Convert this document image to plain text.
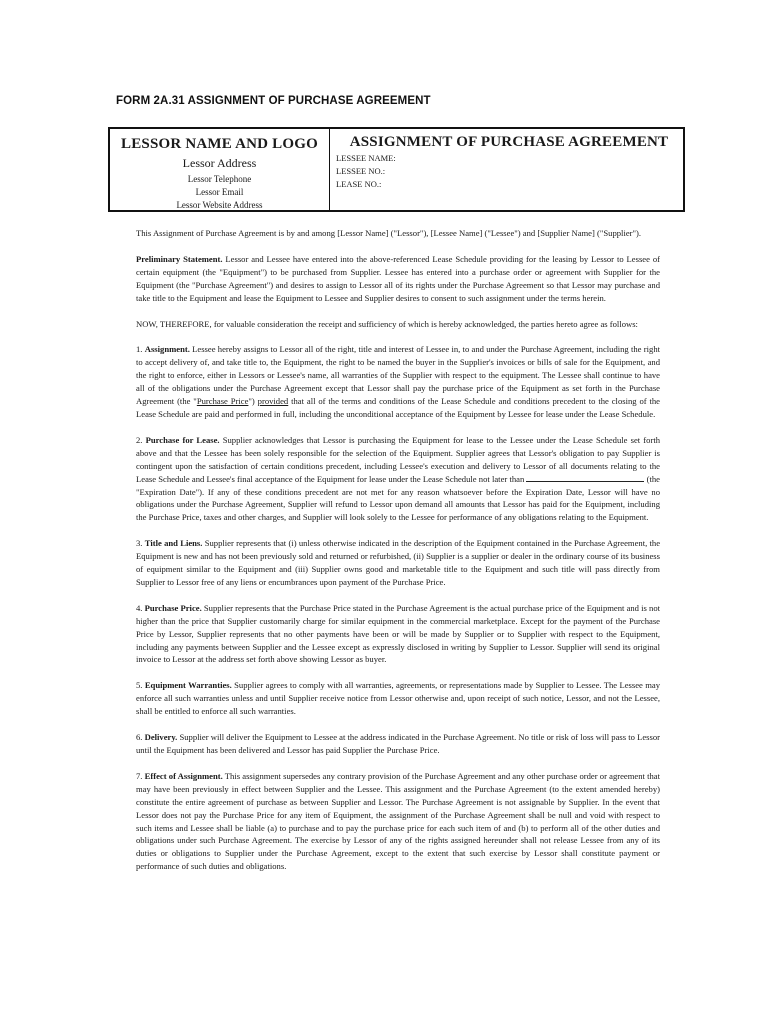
FORM 2A.31 ASSIGNMENT OF PURCHASE AGREEMENT
LESSOR NAME AND LOGO
Lessor Address
Lessor Telephone
Lessor Email
Lessor Website Address
ASSIGNMENT OF PURCHASE AGREEMENT
LESSEE NAME:
LESSEE NO.:
LEASE NO.:

This Assignment of Purchase Agreement is by and among [Lessor Name] ("Lessor"), [Lessee Name] ("Lessee") and [Supplier Name] ("Supplier").

Preliminary Statement. Lessor and Lessee have entered into the above-referenced Lease Schedule providing for the leasing by Lessor to Lessee of certain equipment (the "Equipment") to be purchased from Supplier. Lessee has entered into a purchase order or agreement with Supplier for the Equipment (the "Purchase Agreement") and desires to assign to Lessor all of its rights under the Purchase Agreement so that Lessor may purchase and take title to the Equipment and lease the Equipment to Lessee and Supplier desires to consent to such assignment under the terms herein.

NOW, THEREFORE, for valuable consideration the receipt and sufficiency of which is hereby acknowledged, the parties hereto agree as follows:

1. Assignment. Lessee hereby assigns to Lessor all of the right, title and interest of Lessee in, to and under the Purchase Agreement, including the right to accept delivery of, and take title to, the Equipment, the right to be named the buyer in the Supplier's invoices or bills of sale for the Equipment, and the right to enforce, either in Lessors or Lessee's name, all warranties of the Supplier with respect to the equipment. The Lessee shall continue to have all of the obligations under the Purchase Agreement except that Lessor shall pay the purchase price of the Equipment as set forth in the Purchase Agreement (the "Purchase Price") provided that all of the terms and conditions of the Lease Schedule and conditions precedent to the closing of the Lease Schedule are paid and performed in full, including the unconditional acceptance of the Equipment by Lessee for lease under the Lease Schedule.

2. Purchase for Lease. Supplier acknowledges that Lessor is purchasing the Equipment for lease to the Lessee under the Lease Schedule set forth above and that the Lessee has been solely responsible for the selection of the Equipment. Supplier agrees that Lessor's obligation to pay Supplier is contingent upon the satisfaction of certain conditions precedent, including Lessee's execution and delivery to Lessor of all documents relating to the Lease Schedule and Lessee's final acceptance of the Equipment for lease under the Lease Schedule not later than	(the "Expiration Date"). If any of these conditions precedent are not met for any reason whatsoever before the Expiration Date, Lessor will have no obligations under the Purchase Agreement, Supplier will refund to Lessor upon demand all amounts that Lessor has paid for the Equipment, including the Purchase Price, taxes and other charges, and Supplier will look solely to the Lessee for performance of any obligations relating to the Equipment.

3. Title and Liens. Supplier represents that (i) unless otherwise indicated in the description of the Equipment contained in the Purchase Agreement, the Equipment is new and has not been previously sold and returned or refurbished, (ii) Supplier is a supplier or dealer in the ordinary course of its business of equipment similar to the Equipment and (iii) Supplier owns good and marketable title to the Equipment and such title will pass directly from Supplier to Lessor free of any liens or encumbrances upon payment of the Purchase Price.

4. Purchase Price. Supplier represents that the Purchase Price stated in the Purchase Agreement is the actual purchase price of the Equipment and is not higher than the price that Supplier customarily charge for similar equipment in the commercial marketplace. Except for the payment of the Purchase Price by Lessor, Supplier represents that no other payments have been or will be made by Supplier or to Supplier with respect to the Equipment, including any payments between Supplier and the Lessee except as expressly disclosed in writing by Supplier to Lessor. Supplier will send its original invoice to Lessor at the address set forth above showing Lessor as buyer.

5. Equipment Warranties. Supplier agrees to comply with all warranties, agreements, or representations made by Supplier to Lessee. The Lessee may enforce all such warranties unless and until Supplier receive notice from Lessor otherwise and, upon receipt of such notice, Lessor, and not the Lessee, shall be entitled to enforce all such warranties.

6. Delivery. Supplier will deliver the Equipment to Lessee at the address indicated in the Purchase Agreement. No title or risk of loss will pass to Lessor until the Equipment has been delivered and Lessor has paid Supplier the Purchase Price.

7. Effect of Assignment. This assignment supersedes any contrary provision of the Purchase Agreement and any other purchase order or agreement that may have been previously in effect between Supplier and the Lessee. This assignment and the Purchase Agreement (to the extent amended hereby) constitute the entire agreement of purchase as between Supplier and Lessor. The Purchase Agreement is not assignable by Supplier. In the event that Lessor does not pay the Purchase Price for any item of Equipment, the assignment of the Purchase Agreement shall be null and void with respect to such items and Lessee shall be liable (a) to purchase and to pay the purchase price for each such item of and (b) to perform all of the other duties and obligations under such Purchase Agreement. The exercise by Lessor of any of the rights assigned hereunder shall not release Lessee from any of its duties or obligations to Supplier under the Purchase Agreement, except to the extent that such exercise by Lessor shall constitute payment or performance of such duties and obligations.
